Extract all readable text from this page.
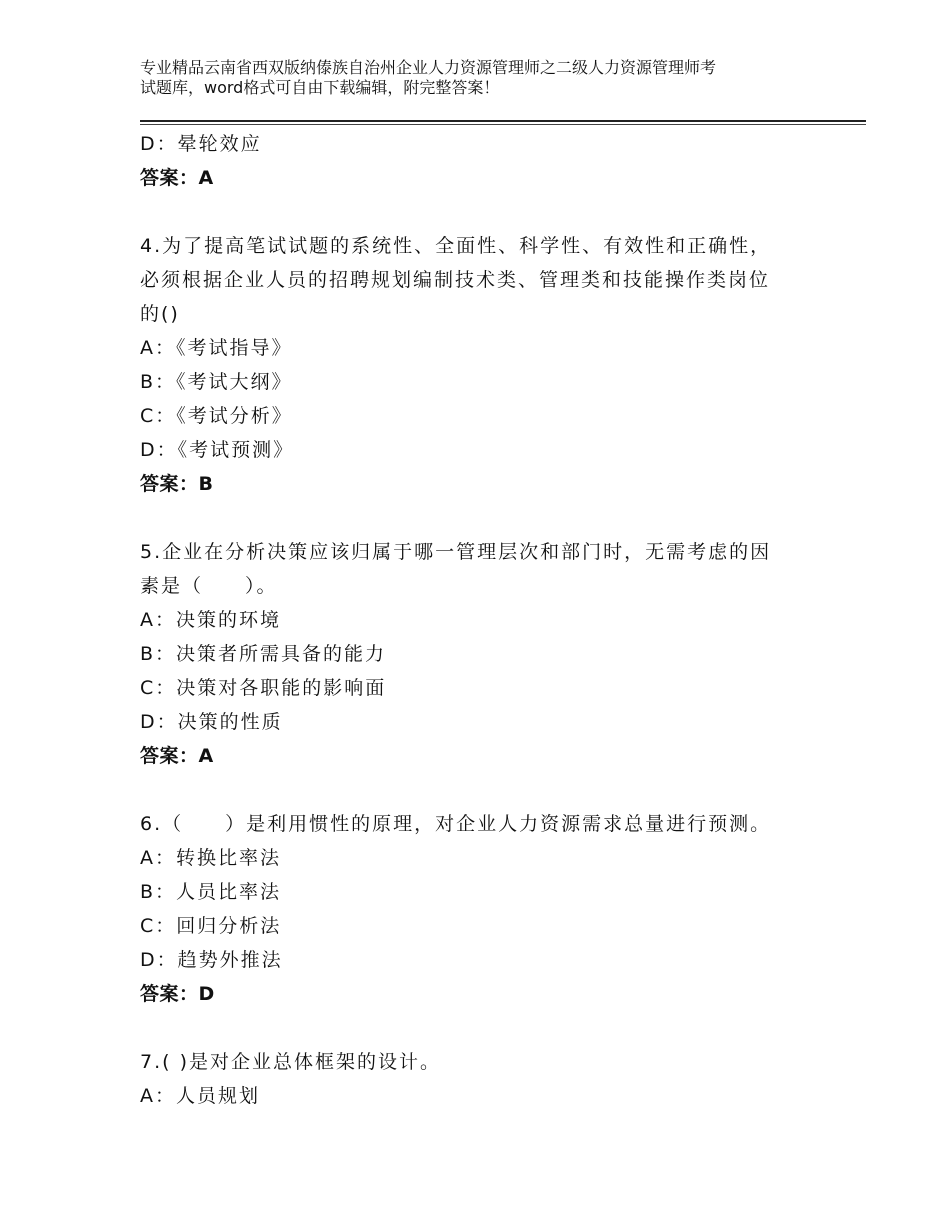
专业精品云南省西双版纳傣族自治州企业人力资源管理师之二级人力资源管理师考
试题库，word格式可自由下载编辑，附完整答案！
D：晕轮效应
答案：A
4.为了提高笔试试题的系统性、全面性、科学性、有效性和正确性，
必须根据企业人员的招聘规划编制技术类、管理类和技能操作类岗位
的()
A：《考试指导》
B：《考试大纲》
C：《考试分析》
D：《考试预测》
答案：B
5.企业在分析决策应该归属于哪一管理层次和部门时，无需考虑的因
素是（　　）。
A：决策的环境
B：决策者所需具备的能力
C：决策对各职能的影响面
D：决策的性质
答案：A
6.（　　）是利用惯性的原理，对企业人力资源需求总量进行预测。
A：转换比率法
B：人员比率法
C：回归分析法
D：趋势外推法
答案：D
7.( )是对企业总体框架的设计。
A：人员规划
